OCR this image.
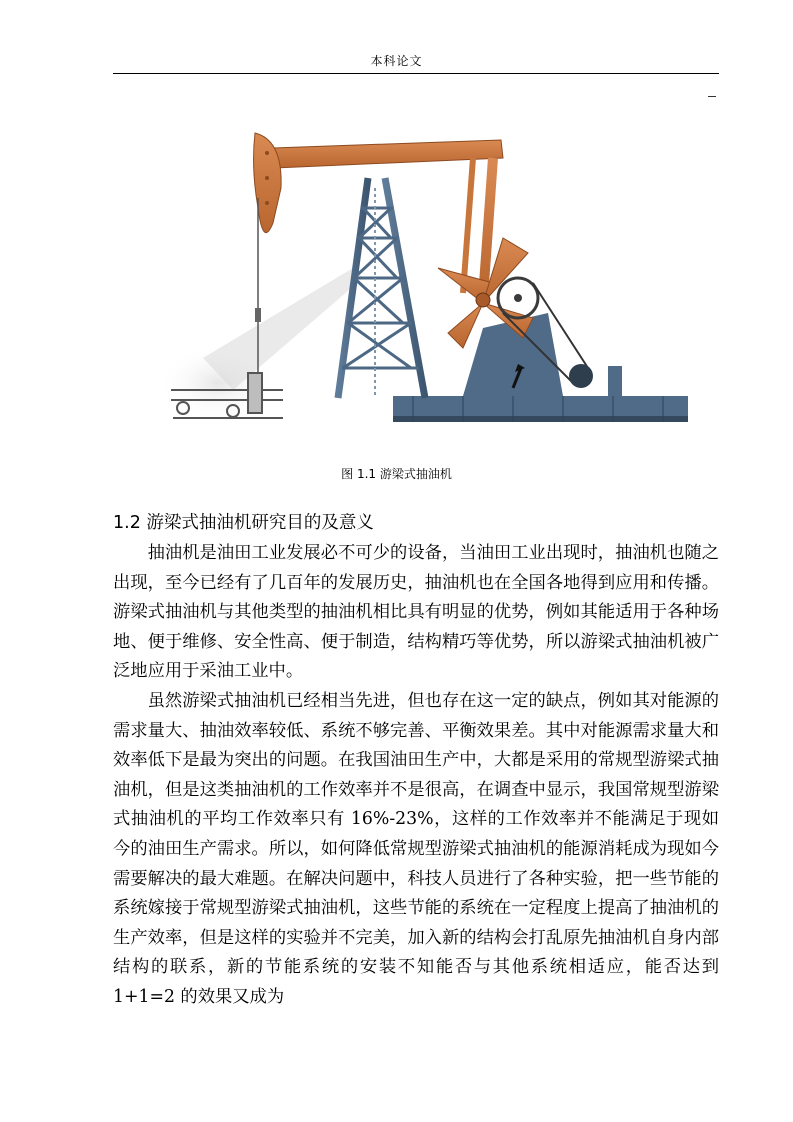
本科论文
图 1.1 游梁式抽油机
1.2 游梁式抽油机研究目的及意义

抽油机是油田工业发展必不可少的设备，当油田工业出现时，抽油机也随之出现，至今已经有了几百年的发展历史，抽油机也在全国各地得到应用和传播。游梁式抽油机与其他类型的抽油机相比具有明显的优势，例如其能适用于各种场地、便于维修、安全性高、便于制造，结构精巧等优势，所以游梁式抽油机被广泛地应用于采油工业中。

虽然游梁式抽油机已经相当先进，但也存在这一定的缺点，例如其对能源的需求量大、抽油效率较低、系统不够完善、平衡效果差。其中对能源需求量大和效率低下是最为突出的问题。在我国油田生产中，大都是采用的常规型游梁式抽油机，但是这类抽油机的工作效率并不是很高，在调查中显示，我国常规型游梁式抽油机的平均工作效率只有 16%-23%，这样的工作效率并不能满足于现如今的油田生产需求。所以，如何降低常规型游梁式抽油机的能源消耗成为现如今需要解决的最大难题。在解决问题中，科技人员进行了各种实验，把一些节能的系统嫁接于常规型游梁式抽油机，这些节能的系统在一定程度上提高了抽油机的生产效率，但是这样的实验并不完美，加入新的结构会打乱原先抽油机自身内部结构的联系，新的节能系统的安装不知能否与其他系统相适应，能否达到 1+1=2 的效果又成为
